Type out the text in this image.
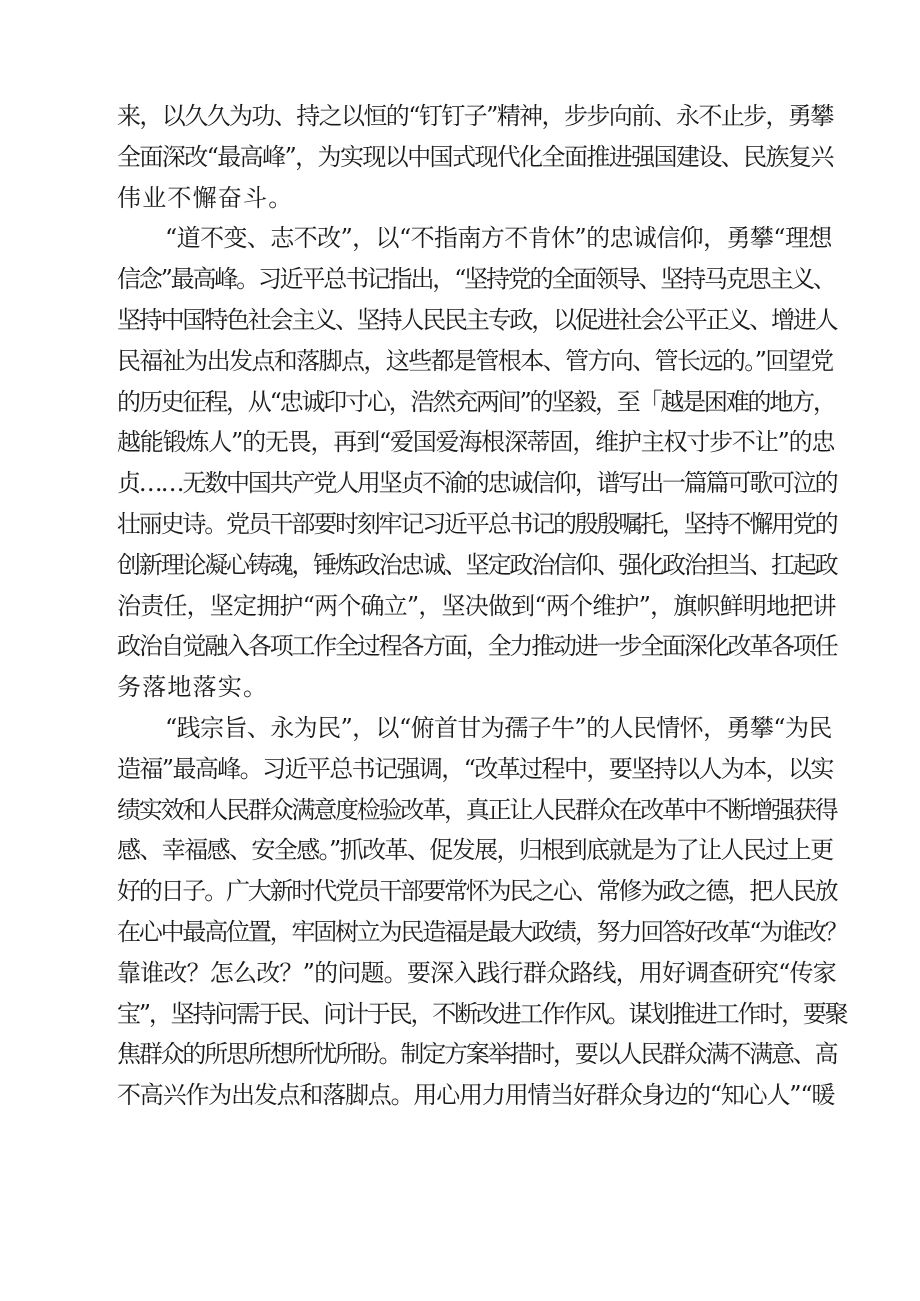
来，以久久为功、持之以恒的“钉钉子”精神，步步向前、永不止步，勇攀
全面深改“最高峰”，为实现以中国式现代化全面推进强国建设、民族复兴
伟业不懈奋斗。
“道不变、志不改”，以“不指南方不肯休”的忠诚信仰，勇攀“理想
信念”最高峰。习近平总书记指出，“坚持党的全面领导、坚持马克思主义、
坚持中国特色社会主义、坚持人民民主专政，以促进社会公平正义、增进人
民福祉为出发点和落脚点，这些都是管根本、管方向、管长远的。”回望党
的历史征程，从“忠诚印寸心，浩然充两间”的坚毅，至「越是困难的地方，
越能锻炼人”的无畏，再到“爱国爱海根深蒂固，维护主权寸步不让”的忠
贞……无数中国共产党人用坚贞不渝的忠诚信仰，谱写出一篇篇可歌可泣的
壮丽史诗。党员干部要时刻牢记习近平总书记的殷殷嘱托，坚持不懈用党的
创新理论凝心铸魂，锤炼政治忠诚、坚定政治信仰、强化政治担当、扛起政
治责任，坚定拥护“两个确立”，坚决做到“两个维护”，旗帜鲜明地把讲
政治自觉融入各项工作全过程各方面，全力推动进一步全面深化改革各项任
务落地落实。
“践宗旨、永为民”，以“俯首甘为孺子牛”的人民情怀，勇攀“为民
造福”最高峰。习近平总书记强调，“改革过程中，要坚持以人为本，以实
绩实效和人民群众满意度检验改革，真正让人民群众在改革中不断增强获得
感、幸福感、安全感。”抓改革、促发展，归根到底就是为了让人民过上更
好的日子。广大新时代党员干部要常怀为民之心、常修为政之德，把人民放
在心中最高位置，牢固树立为民造福是最大政绩，努力回答好改革“为谁改？
靠谁改？怎么改？”的问题。要深入践行群众路线，用好调查研究“传家
宝”，坚持问需于民、问计于民，不断改进工作作风。谋划推进工作时，要聚
焦群众的所思所想所忧所盼。制定方案举措时，要以人民群众满不满意、高
不高兴作为出发点和落脚点。用心用力用情当好群众身边的“知心人”“暖
